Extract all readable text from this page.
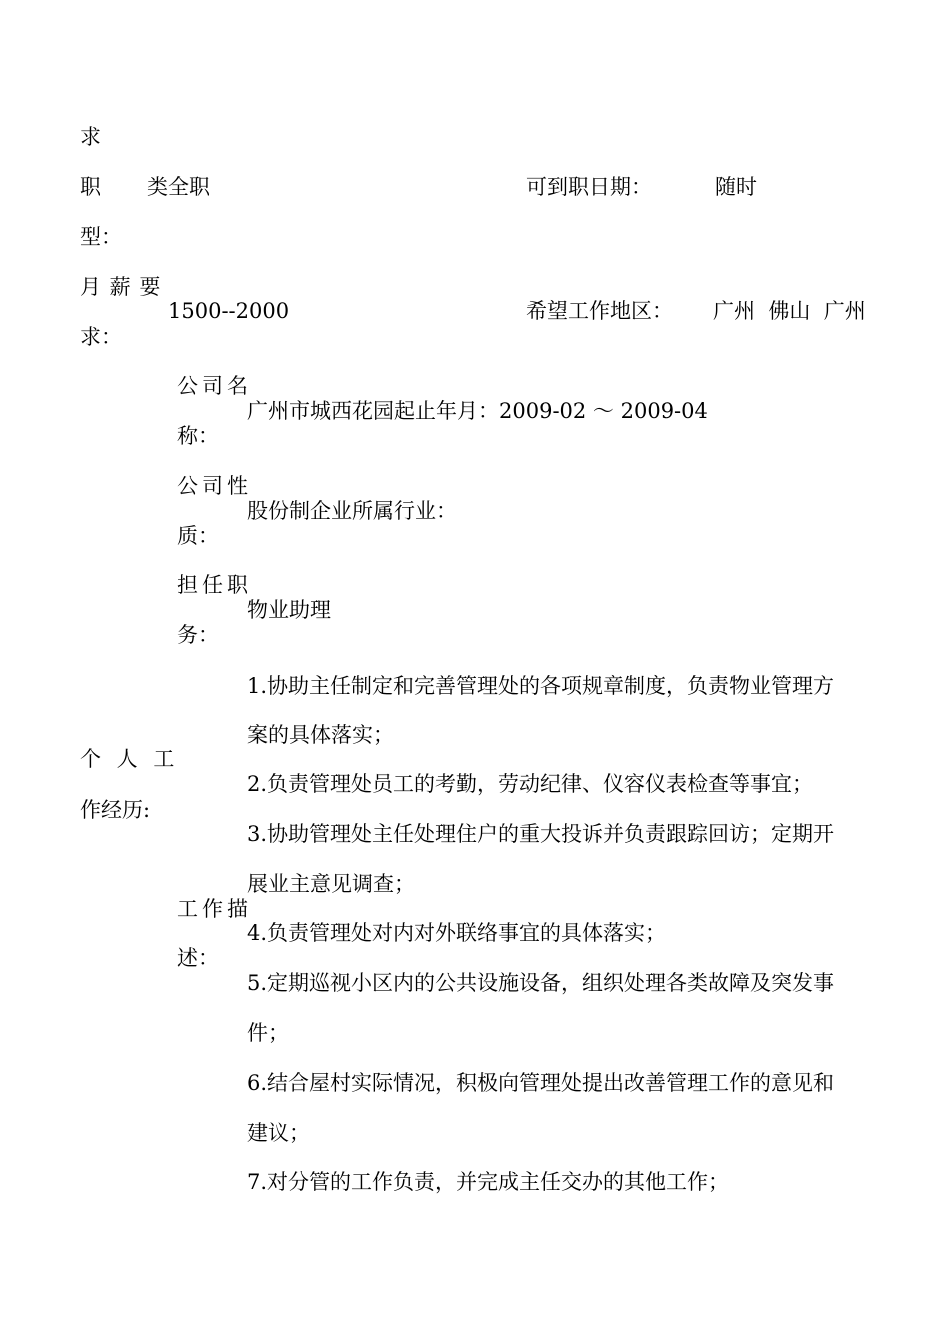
求
职 类全职
型：
可到职日期：	随时
月 薪 要
1500--2000
求：
希望工作地区： 广州  佛山  广州
公司名
广州市城西花园起止年月：2009-02 ～ 2009-04
称：
公司性
股份制企业所属行业：
质：
担任职
物业助理
务：
个 人 工
作经历:
工作描
述：
1.协助主任制定和完善管理处的各项规章制度，负责物业管理方
案的具体落实；
2.负责管理处员工的考勤，劳动纪律、仪容仪表检查等事宜；
3.协助管理处主任处理住户的重大投诉并负责跟踪回访；定期开
展业主意见调查；
4.负责管理处对内对外联络事宜的具体落实；
5.定期巡视小区内的公共设施设备，组织处理各类故障及突发事
件；
6.结合屋村实际情况，积极向管理处提出改善管理工作的意见和
建议；
7.对分管的工作负责，并完成主任交办的其他工作；
